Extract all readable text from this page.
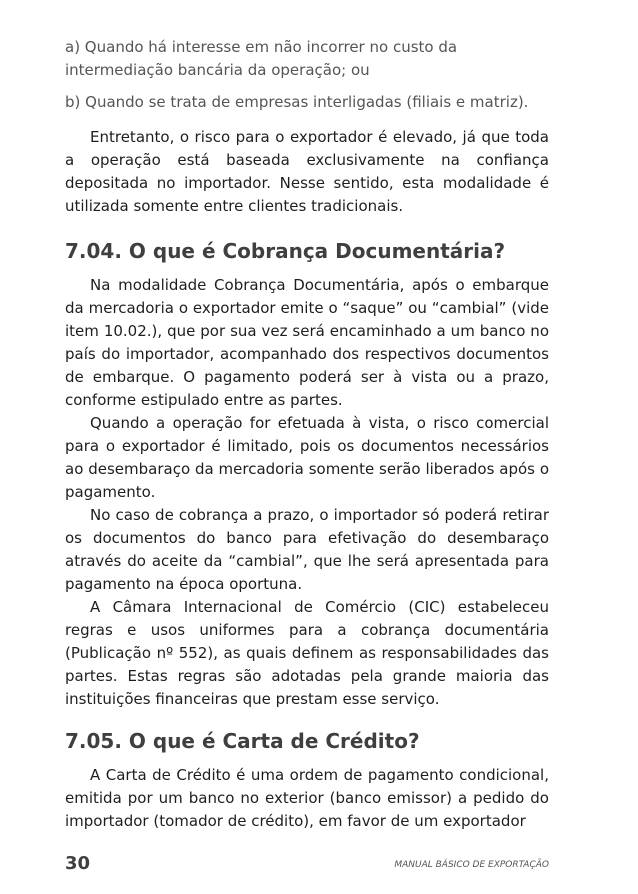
a) Quando há interesse em não incorrer no custo da intermediação bancária da operação; ou

b) Quando se trata de empresas interligadas (filiais e matriz).

Entretanto, o risco para o exportador é elevado, já que toda a operação está baseada exclusivamente na confiança depositada no importador. Nesse sentido, esta modalidade é utilizada somente entre clientes tradicionais.

7.04. O que é Cobrança Documentária?

Na modalidade Cobrança Documentária, após o embarque da mercadoria o exportador emite o “saque” ou “cambial” (vide item 10.02.), que por sua vez será encaminhado a um banco no país do importador, acompanhado dos respectivos documentos de embarque. O pagamento poderá ser à vista ou a prazo, conforme estipulado entre as partes.

Quando a operação for efetuada à vista, o risco comercial para o exportador é limitado, pois os documentos necessários ao desembaraço da mercadoria somente serão liberados após o pagamento.

No caso de cobrança a prazo, o importador só poderá retirar os documentos do banco para efetivação do desembaraço através do aceite da “cambial”, que lhe será apresentada para pagamento na época oportuna.

A Câmara Internacional de Comércio (CIC) estabeleceu regras e usos uniformes para a cobrança documentária (Publicação nº 552), as quais definem as responsabilidades das partes. Estas regras são adotadas pela grande maioria das instituições financeiras que prestam esse serviço.

7.05. O que é Carta de Crédito?

A Carta de Crédito é uma ordem de pagamento condicional, emitida por um banco no exterior (banco emissor) a pedido do importador (tomador de crédito), em favor de um exportador

30	MANUAL BÁSICO DE EXPORTAÇÃO
